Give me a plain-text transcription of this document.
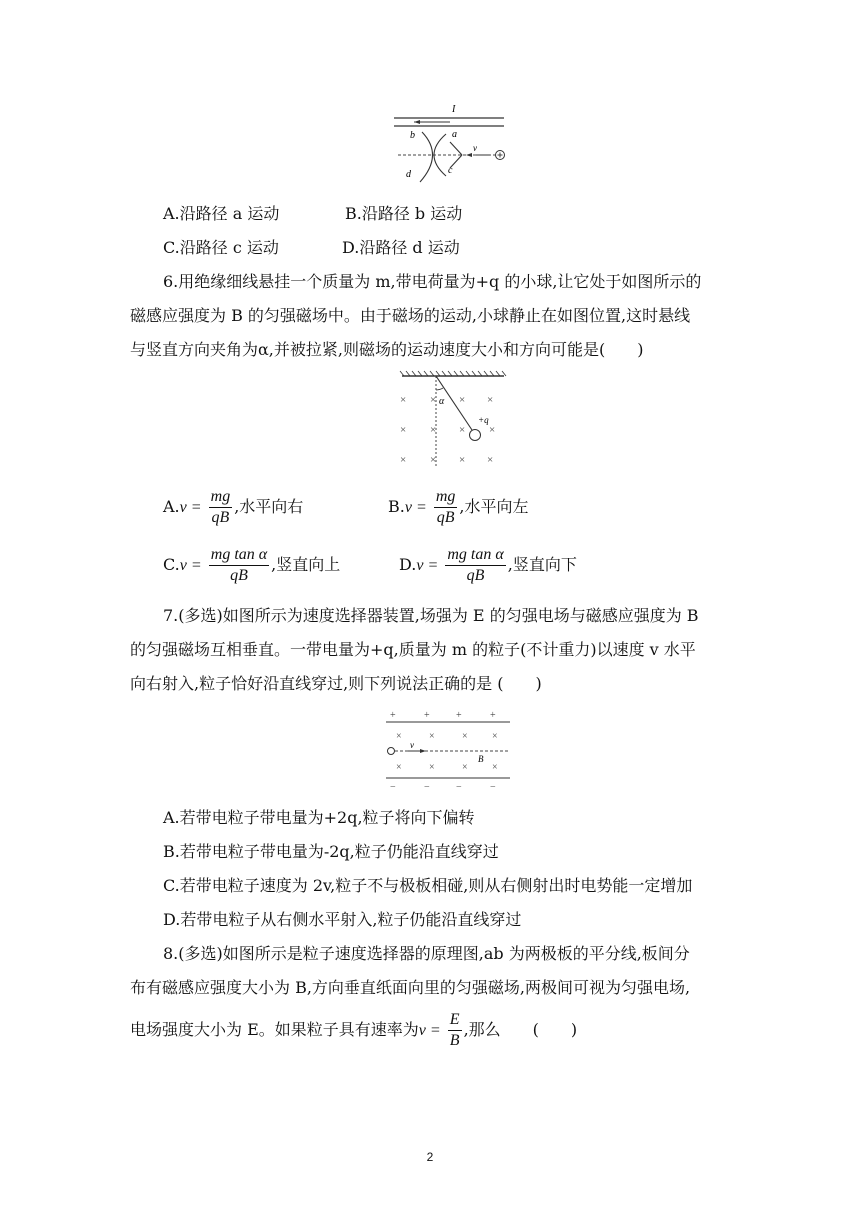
I
a
b
c
d
v
A.沿路径 a 运动	B.沿路径 b 运动
C.沿路径 c 运动	D.沿路径 d 运动
6.用绝缘细线悬挂一个质量为 m,带电荷量为+q 的小球,让它处于如图所示的
磁感应强度为 B 的匀强磁场中。由于磁场的运动,小球静止在如图位置,这时悬线
与竖直方向夹角为α,并被拉紧,则磁场的运动速度大小和方向可能是(　　)
α
+q
× × × ×
× × × ×
× × × ×
$A.v = \frac{mg}{qB}$ ,水平向右	$B.v = \frac{mg}{qB}$ ,水平向左
$C.v = \frac{\text{mg tan α}}{qB}$ ,竖直向上	$D.v = \frac{\text{mg tan α}}{qB}$ ,竖直向下
7.(多选)如图所示为速度选择器装置,场强为 E 的匀强电场与磁感应强度为 B
的匀强磁场互相垂直。一带电量为+q,质量为 m 的粒子(不计重力)以速度 v 水平
向右射入,粒子恰好沿直线穿过,则下列说法正确的是 (　　)
+	+	+	+
×	×	× ×
×	×	× ×
v
B
−	−	−	−
A.若带电粒子带电量为+2q,粒子将向下偏转
B.若带电粒子带电量为-2q,粒子仍能沿直线穿过
C.若带电粒子速度为 2v,粒子不与极板相碰,则从右侧射出时电势能一定增加
D.若带电粒子从右侧水平射入,粒子仍能沿直线穿过
8.(多选)如图所示是粒子速度选择器的原理图,ab 为两极板的平分线,板间分
布有磁感应强度大小为 B,方向垂直纸面向里的匀强磁场,两极间可视为匀强电场,
电场强度大小为 E。如果粒子具有速率为$v = \frac{E}{B}$ ,那么　　(　　)
2
